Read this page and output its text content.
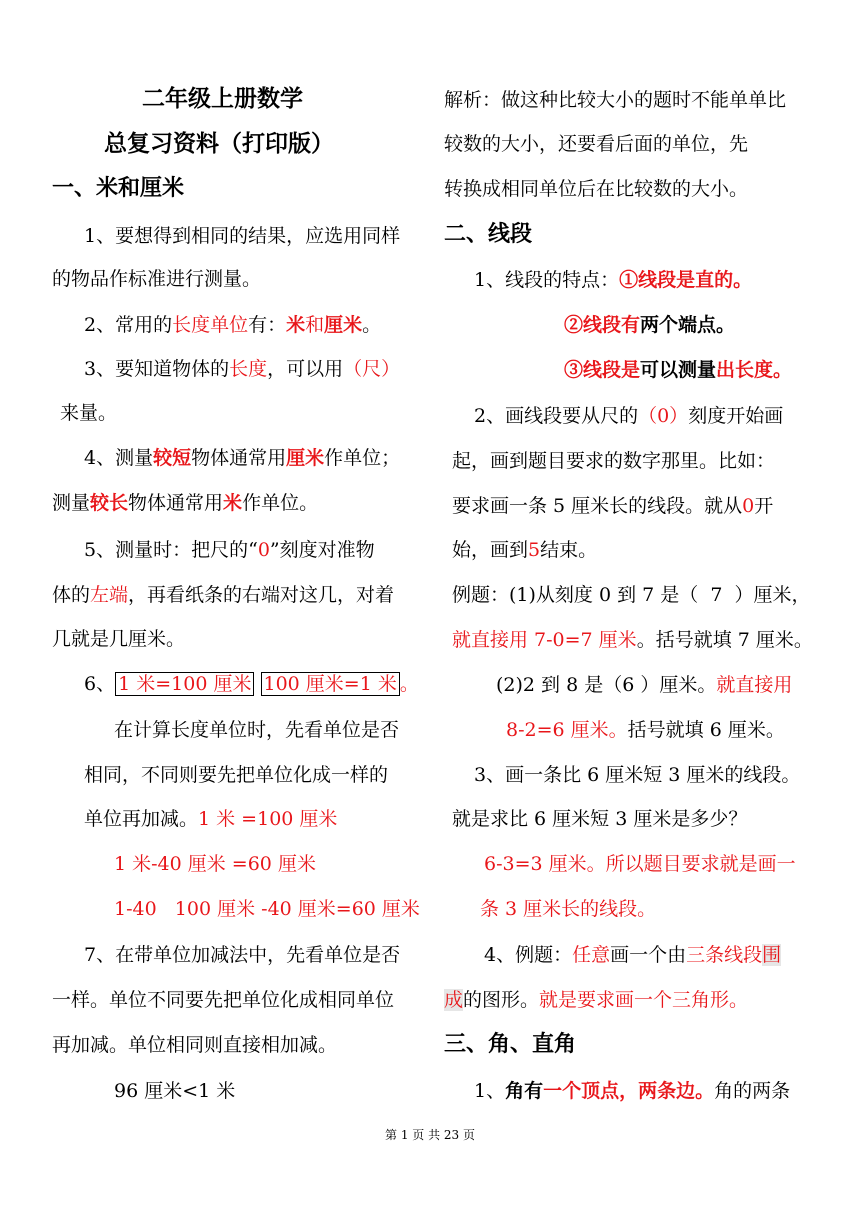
二年级上册数学
总复习资料（打印版）
一、米和厘米
1、要想得到相同的结果，应选用同样
的物品作标准进行测量。
2、常用的长度单位有：米和厘米。
3、要知道物体的长度，可以用（尺）
来量。
4、测量较短物体通常用厘米作单位；
测量较长物体通常用米作单位。
5、测量时：把尺的“0”刻度对准物
体的左端，再看纸条的右端对这几，对着
几就是几厘米。
6、 1 米=100 厘米 100 厘米=1 米 。
在计算长度单位时，先看单位是否
相同，不同则要先把单位化成一样的
单位再加减。1 米 =100 厘米
1 米-40 厘米 =60 厘米
1-40   100 厘米 -40 厘米=60 厘米
7、在带单位加减法中，先看单位是否
一样。单位不同要先把单位化成相同单位
再加减。单位相同则直接相加减。
96 厘米<1 米
解析：做这种比较大小的题时不能单单比
较数的大小，还要看后面的单位，先
转换成相同单位后在比较数的大小。
二、线段
1、线段的特点：①线段是直的。
②线段有两个端点。
③线段是可以测量出长度。
2、画线段要从尺的（0）刻度开始画
起，画到题目要求的数字那里。比如：
要求画一条 5 厘米长的线段。就从0开
始，画到5结束。
例题：(1)从刻度 0 到 7 是（  7  ）厘米，
就直接用 7-0=7 厘米。括号就填 7 厘米。
(2)2 到 8 是（6 ）厘米。就直接用
8-2=6 厘米。括号就填 6 厘米。
3、画一条比 6 厘米短 3 厘米的线段。
就是求比 6 厘米短 3 厘米是多少？
6-3=3 厘米。所以题目要求就是画一
条 3 厘米长的线段。
4、例题：任意画一个由三条线段围
成的图形。就是要求画一个三角形。
三、角、直角
1、角有一个顶点，两条边。角的两条
第 1 页 共 23 页
